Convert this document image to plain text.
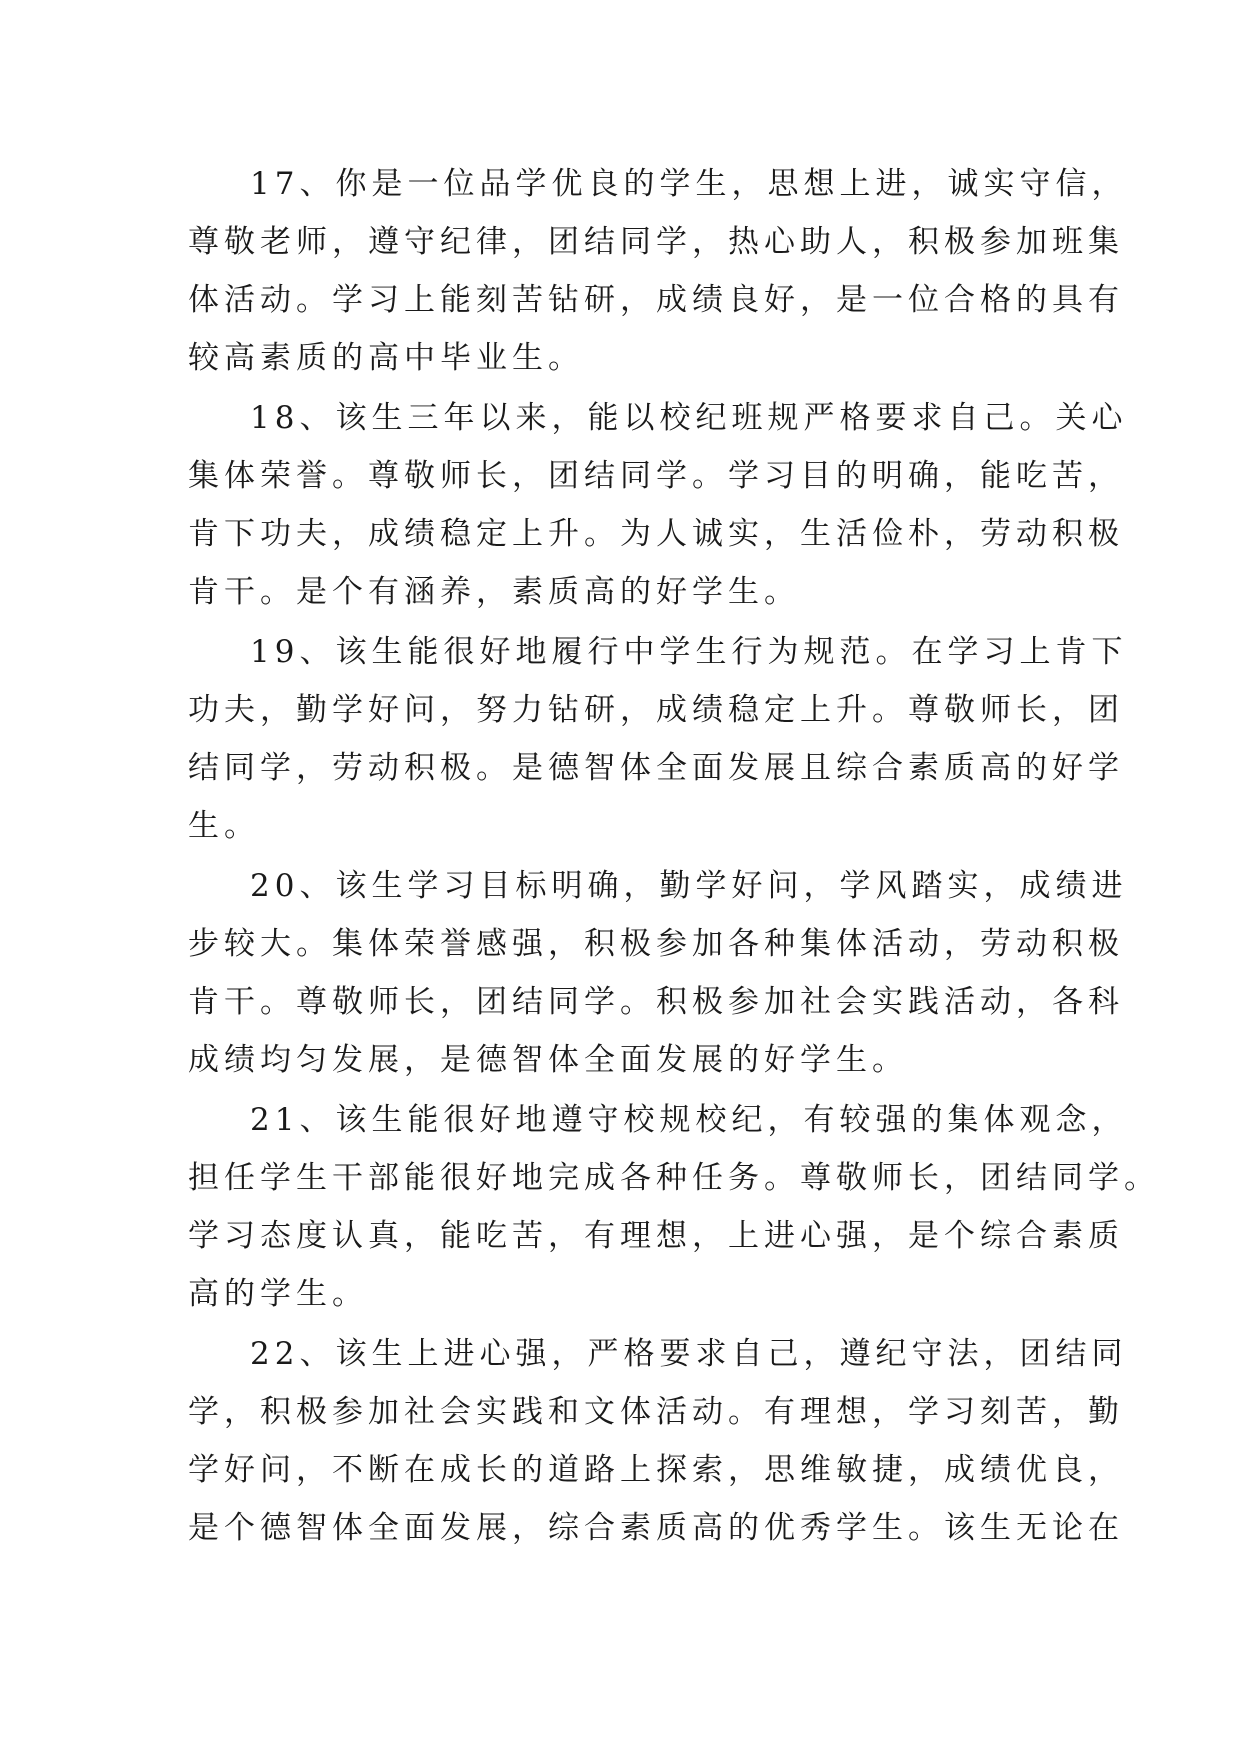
17、你是一位品学优良的学生，思想上进，诚实守信，
尊敬老师，遵守纪律，团结同学，热心助人，积极参加班集
体活动。学习上能刻苦钻研，成绩良好，是一位合格的具有
较高素质的高中毕业生。

18、该生三年以来，能以校纪班规严格要求自己。关心
集体荣誉。尊敬师长，团结同学。学习目的明确，能吃苦，
肯下功夫，成绩稳定上升。为人诚实，生活俭朴，劳动积极
肯干。是个有涵养，素质高的好学生。

19、该生能很好地履行中学生行为规范。在学习上肯下
功夫，勤学好问，努力钻研，成绩稳定上升。尊敬师长，团
结同学，劳动积极。是德智体全面发展且综合素质高的好学
生。

20、该生学习目标明确，勤学好问，学风踏实，成绩进
步较大。集体荣誉感强，积极参加各种集体活动，劳动积极
肯干。尊敬师长，团结同学。积极参加社会实践活动，各科
成绩均匀发展，是德智体全面发展的好学生。

21、该生能很好地遵守校规校纪，有较强的集体观念，
担任学生干部能很好地完成各种任务。尊敬师长，团结同学。
学习态度认真，能吃苦，有理想，上进心强，是个综合素质
高的学生。

22、该生上进心强，严格要求自己，遵纪守法，团结同
学，积极参加社会实践和文体活动。有理想，学习刻苦，勤
学好问，不断在成长的道路上探索，思维敏捷，成绩优良，
是个德智体全面发展，综合素质高的优秀学生。该生无论在
